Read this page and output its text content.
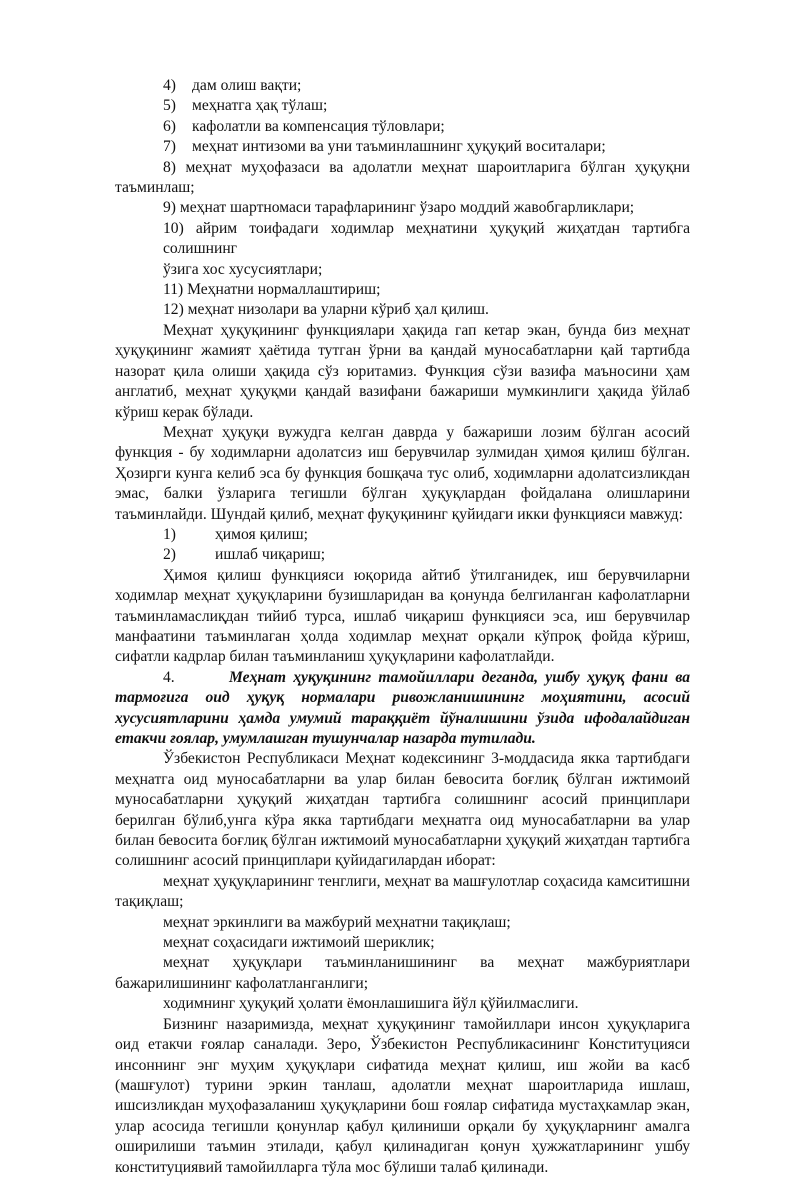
4) дам олиш вақти;

5) меҳнатга ҳақ тўлаш;

6) кафолатли ва компенсация тўловлари;

7) меҳнат интизоми ва уни таъминлашнинг ҳуқуқий воситалари;

8) меҳнат муҳофазаси ва адолатли меҳнат шароитларига бўлган ҳуқуқни

таъминлаш;

9) меҳнат шартномаси тарафларининг ўзаро моддий жавобгарликлари;

10) айрим тоифадаги ходимлар меҳнатини ҳуқуқий жиҳатдан тартибга солишнинг

ўзига хос хусусиятлари;

11) Меҳнатни нормаллаштириш;

12) меҳнат низолари ва уларни кўриб ҳал қилиш.

Меҳнат ҳуқуқининг функциялари ҳақида гап кетар экан, бунда биз меҳнат ҳуқуқининг жамият ҳаётида тутган ўрни ва қандай муносабатларни қай тартибда назорат қила олиши ҳақида сўз юритамиз. Функция сўзи вазифа маъносини ҳам англатиб, меҳнат ҳуқуқми қандай вазифани бажариши мумкинлиги ҳақида ўйлаб кўриш керак бўлади.

Меҳнат ҳуқуқи вужудга келган даврда у бажариши лозим бўлган асосий функция - бу ходимларни адолатсиз иш берувчилар зулмидан ҳимоя қилиш бўлган. Ҳозирги кунга келиб эса бу функция бошқача тус олиб, ходимларни адолатсизликдан эмас, балки ўзларига тегишли бўлган ҳуқуқлардан фойдалана олишларини таъминлайди. Шундай қилиб, меҳнат фуқуқининг қуйидаги икки функцияси мавжуд:

1)	ҳимоя қилиш;

2)	ишлаб чиқариш;

Ҳимоя қилиш функцияси юқорида айтиб ўтилганидек, иш берувчиларни ходимлар меҳнат ҳуқуқларини бузишларидан ва қонунда белгиланган кафолатларни таъминламаслиқдан тийиб турса, ишлаб чиқариш функцияси эса, иш берувчилар манфаатини таъминлаган ҳолда ходимлар меҳнат орқали кўпроқ фойда кўриш, сифатли кадрлар билан таъминланиш ҳуқуқларини кафолатлайди.

4.	Меҳнат ҳуқуқининг тамойиллари деганда, ушбу ҳуқуқ фани ва тармоғига оид ҳуқуқ нормалари ривожланишининг моҳиятини, асосий хусусиятларини ҳамда умумий тараққиёт йўналишини ўзида ифодалайдиган етакчи ғоялар, умумлашган тушунчалар назарда тутилади.

Ўзбекистон Республикаси Меҳнат кодексининг 3-моддасида якка тартибдаги меҳнатга оид муносабатларни ва улар билан бевосита боғлиқ бўлган ижтимоий муносабатларни ҳуқуқий жиҳатдан тартибга солишнинг асосий принциплари берилган бўлиб,унга кўра якка тартибдаги меҳнатга оид муносабатларни ва улар билан бевосита боғлиқ бўлган ижтимоий муносабатларни ҳуқуқий жиҳатдан тартибга солишнинг асосий принциплари қуйидагилардан иборат:

меҳнат ҳуқуқларининг тенглиги, меҳнат ва машғулотлар соҳасида камситишни тақиқлаш;

меҳнат эркинлиги ва мажбурий меҳнатни тақиқлаш;

меҳнат соҳасидаги ижтимоий шериклик;

меҳнат ҳуқуқлари таъминланишининг ва меҳнат мажбуриятлари бажарилишининг кафолатланганлиги;

ходимнинг ҳуқуқий ҳолати ёмонлашишига йўл қўйилмаслиги.

Бизнинг назаримизда, меҳнат ҳуқуқининг тамойиллари инсон ҳуқуқларига оид етакчи ғоялар саналади. Зеро, Ўзбекистон Республикасининг Конституцияси инсоннинг энг муҳим ҳуқуқлари сифатида меҳнат қилиш, иш жойи ва касб (машғулот) турини эркин танлаш, адолатли меҳнат шароитларида ишлаш, ишсизликдан муҳофазаланиш ҳуқуқларини бош ғоялар сифатида мустаҳкамлар экан, улар асосида тегишли қонунлар қабул қилиниши орқали бу ҳуқуқларнинг амалга оширилиши таъмин этилади, қабул қилинадиган қонун ҳужжатларининг ушбу конституциявий тамойилларга тўла мос бўлиши талаб қилинади.
